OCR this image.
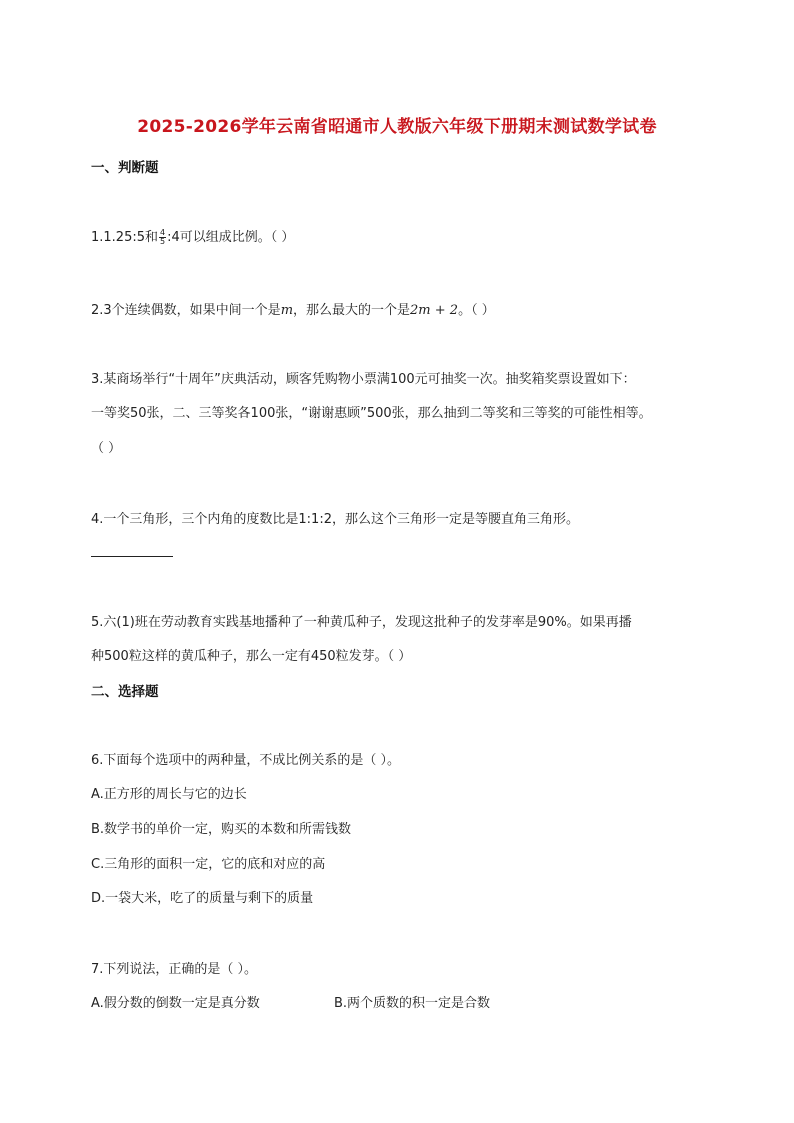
2025-2026学年云南省昭通市人教版六年级下册期末测试数学试卷
一、判断题
1.1.25:5和 $\frac{4}{5}$ :4可以组成比例。（ ）
2.3个连续偶数，如果中间一个是m，那么最大的一个是2m + 2。（ ）
3.某商场举行“十周年”庆典活动，顾客凭购物小票满100元可抽奖一次。抽奖箱奖票设置如下：
一等奖50张，二、三等奖各100张，“谢谢惠顾”500张，那么抽到二等奖和三等奖的可能性相等。
（ ）
4.一个三角形，三个内角的度数比是1:1:2，那么这个三角形一定是等腰直角三角形。
5.六(1)班在劳动教育实践基地播种了一种黄瓜种子，发现这批种子的发芽率是90%。如果再播
种500粒这样的黄瓜种子，那么一定有450粒发芽。（ ）
二、选择题
6.下面每个选项中的两种量，不成比例关系的是（ ）。
A.正方形的周长与它的边长
B.数学书的单价一定，购买的本数和所需钱数
C.三角形的面积一定，它的底和对应的高
D.一袋大米，吃了的质量与剩下的质量
7.下列说法，正确的是（ ）。
A.假分数的倒数一定是真分数	B.两个质数的积一定是合数
